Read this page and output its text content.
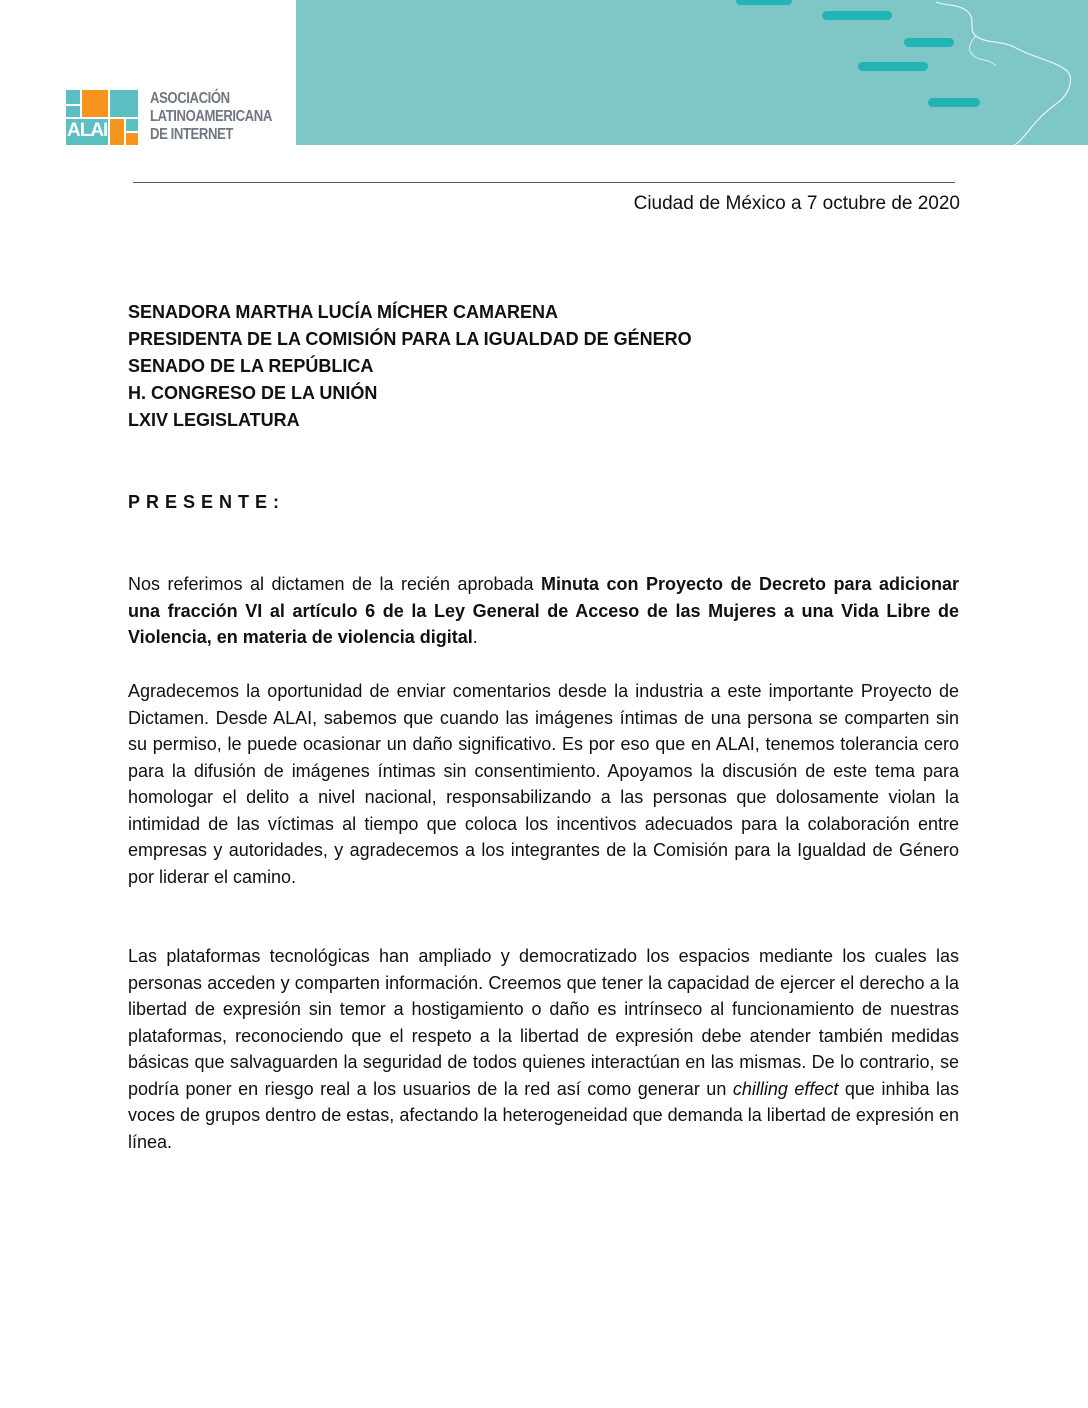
ALAI
ASOCIACIÓN
LATINOAMERICANA
DE INTERNET
Ciudad de México a 7 octubre de 2020
SENADORA MARTHA LUCÍA MÍCHER CAMARENA
PRESIDENTA DE LA COMISIÓN PARA LA IGUALDAD DE GÉNERO
SENADO DE LA REPÚBLICA
H. CONGRESO DE LA UNIÓN
LXIV LEGISLATURA
PRESENTE:

Nos referimos al dictamen de la recién aprobada Minuta con Proyecto de Decreto para adicionar una fracción VI al artículo 6 de la Ley General de Acceso de las Mujeres a una Vida Libre de Violencia, en materia de violencia digital.

Agradecemos la oportunidad de enviar comentarios desde la industria a este importante Proyecto de Dictamen. Desde ALAI, sabemos que cuando las imágenes íntimas de una persona se comparten sin su permiso, le puede ocasionar un daño significativo. Es por eso que en ALAI, tenemos tolerancia cero para la difusión de imágenes íntimas sin consentimiento. Apoyamos la discusión de este tema para homologar el delito a nivel nacional, responsabilizando a las personas que dolosamente violan la intimidad de las víctimas al tiempo que coloca los incentivos adecuados para la colaboración entre empresas y autoridades, y agradecemos a los integrantes de la Comisión para la Igualdad de Género por liderar el camino.

Las plataformas tecnológicas han ampliado y democratizado los espacios mediante los cuales las personas acceden y comparten información. Creemos que tener la capacidad de ejercer el derecho a la libertad de expresión sin temor a hostigamiento o daño es intrínseco al funcionamiento de nuestras plataformas, reconociendo que el respeto a la libertad de expresión debe atender también medidas básicas que salvaguarden la seguridad de todos quienes interactúan en las mismas. De lo contrario, se podría poner en riesgo real a los usuarios de la red así como generar un chilling effect que inhiba las voces de grupos dentro de estas, afectando la heterogeneidad que demanda la libertad de expresión en línea.
